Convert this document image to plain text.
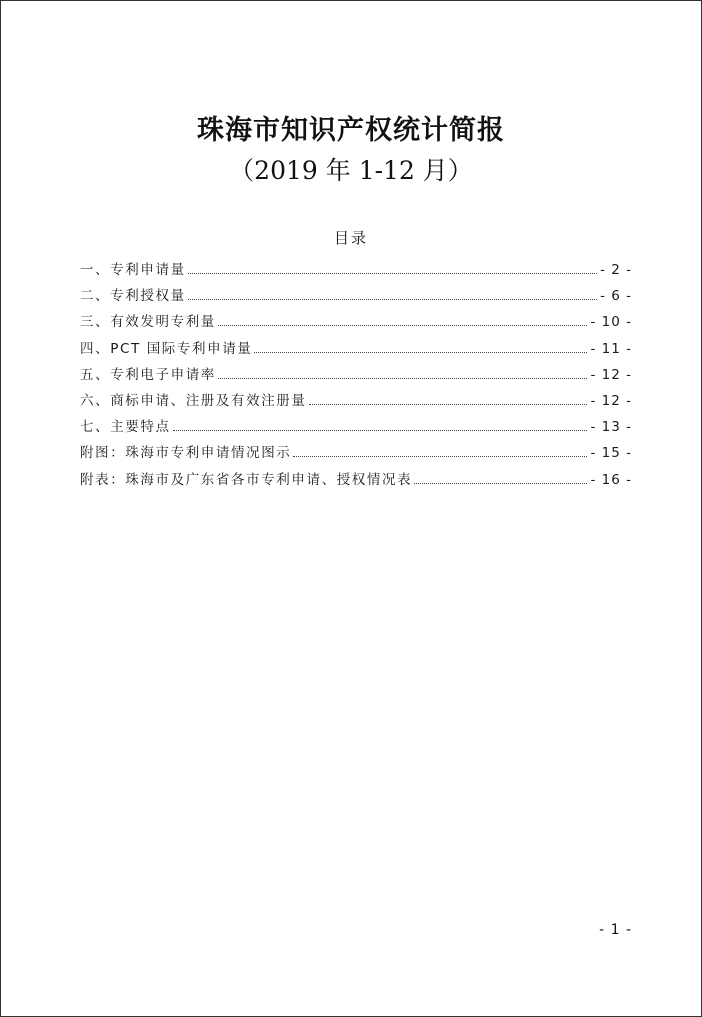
珠海市知识产权统计简报
（2019 年 1-12 月）
目录
一、专利申请量	- 2 -
二、专利授权量	- 6 -
三、有效发明专利量	- 10 -
四、PCT 国际专利申请量	- 11 -
五、专利电子申请率	- 12 -
六、商标申请、注册及有效注册量	- 12 -
七、主要特点	- 13 -
附图：珠海市专利申请情况图示	- 15 -
附表：珠海市及广东省各市专利申请、授权情况表	- 16 -
- 1 -
